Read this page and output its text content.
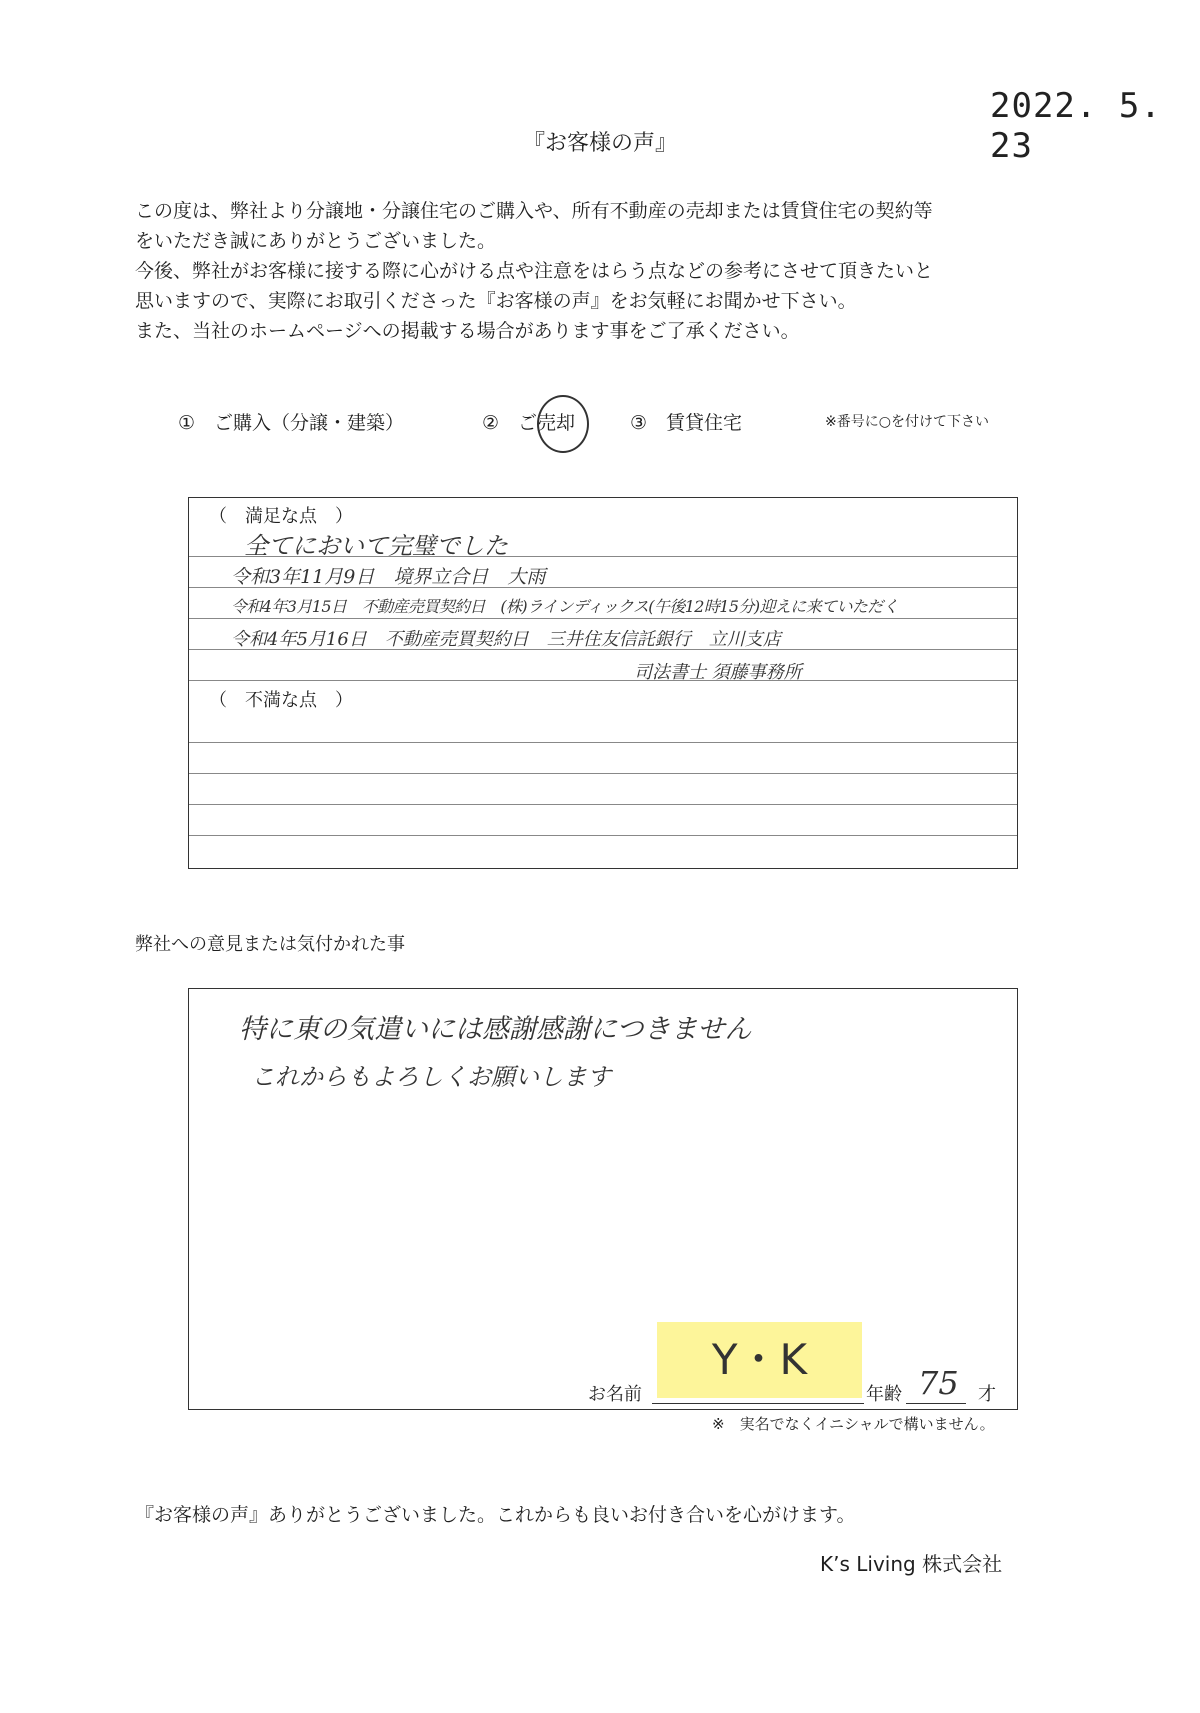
2022. 5. 23
『お客様の声』
この度は、弊社より分譲地・分譲住宅のご購入や、所有不動産の売却または賃貸住宅の契約等
をいただき誠にありがとうございました。
今後、弊社がお客様に接する際に心がける点や注意をはらう点などの参考にさせて頂きたいと
思いますので、実際にお取引くださった『お客様の声』をお気軽にお聞かせ下さい。
また、当社のホームページへの掲載する場合があります事をご了承ください。
①　ご購入（分譲・建築）	②　ご売却	③　賃貸住宅	※番号に○を付けて下さい
（　満足な点　）
全てにおいて完璧でした
令和3年11月9日　境界立合日　大雨
令和4年3月15日　不動産売買契約日　(株)ラインディックス(午後12時15分)迎えに来ていただく
令和4年5月16日　不動産売買契約日　三井住友信託銀行　立川支店
司法書士 須藤事務所
（　不満な点　）
弊社への意見または気付かれた事
特に東の気遣いには感謝感謝につきません
これからもよろしくお願いします
お名前
Y・K
年齢 75 才
※　実名でなくイニシャルで構いません。
『お客様の声』ありがとうございました。これからも良いお付き合いを心がけます。
K’s Living 株式会社
